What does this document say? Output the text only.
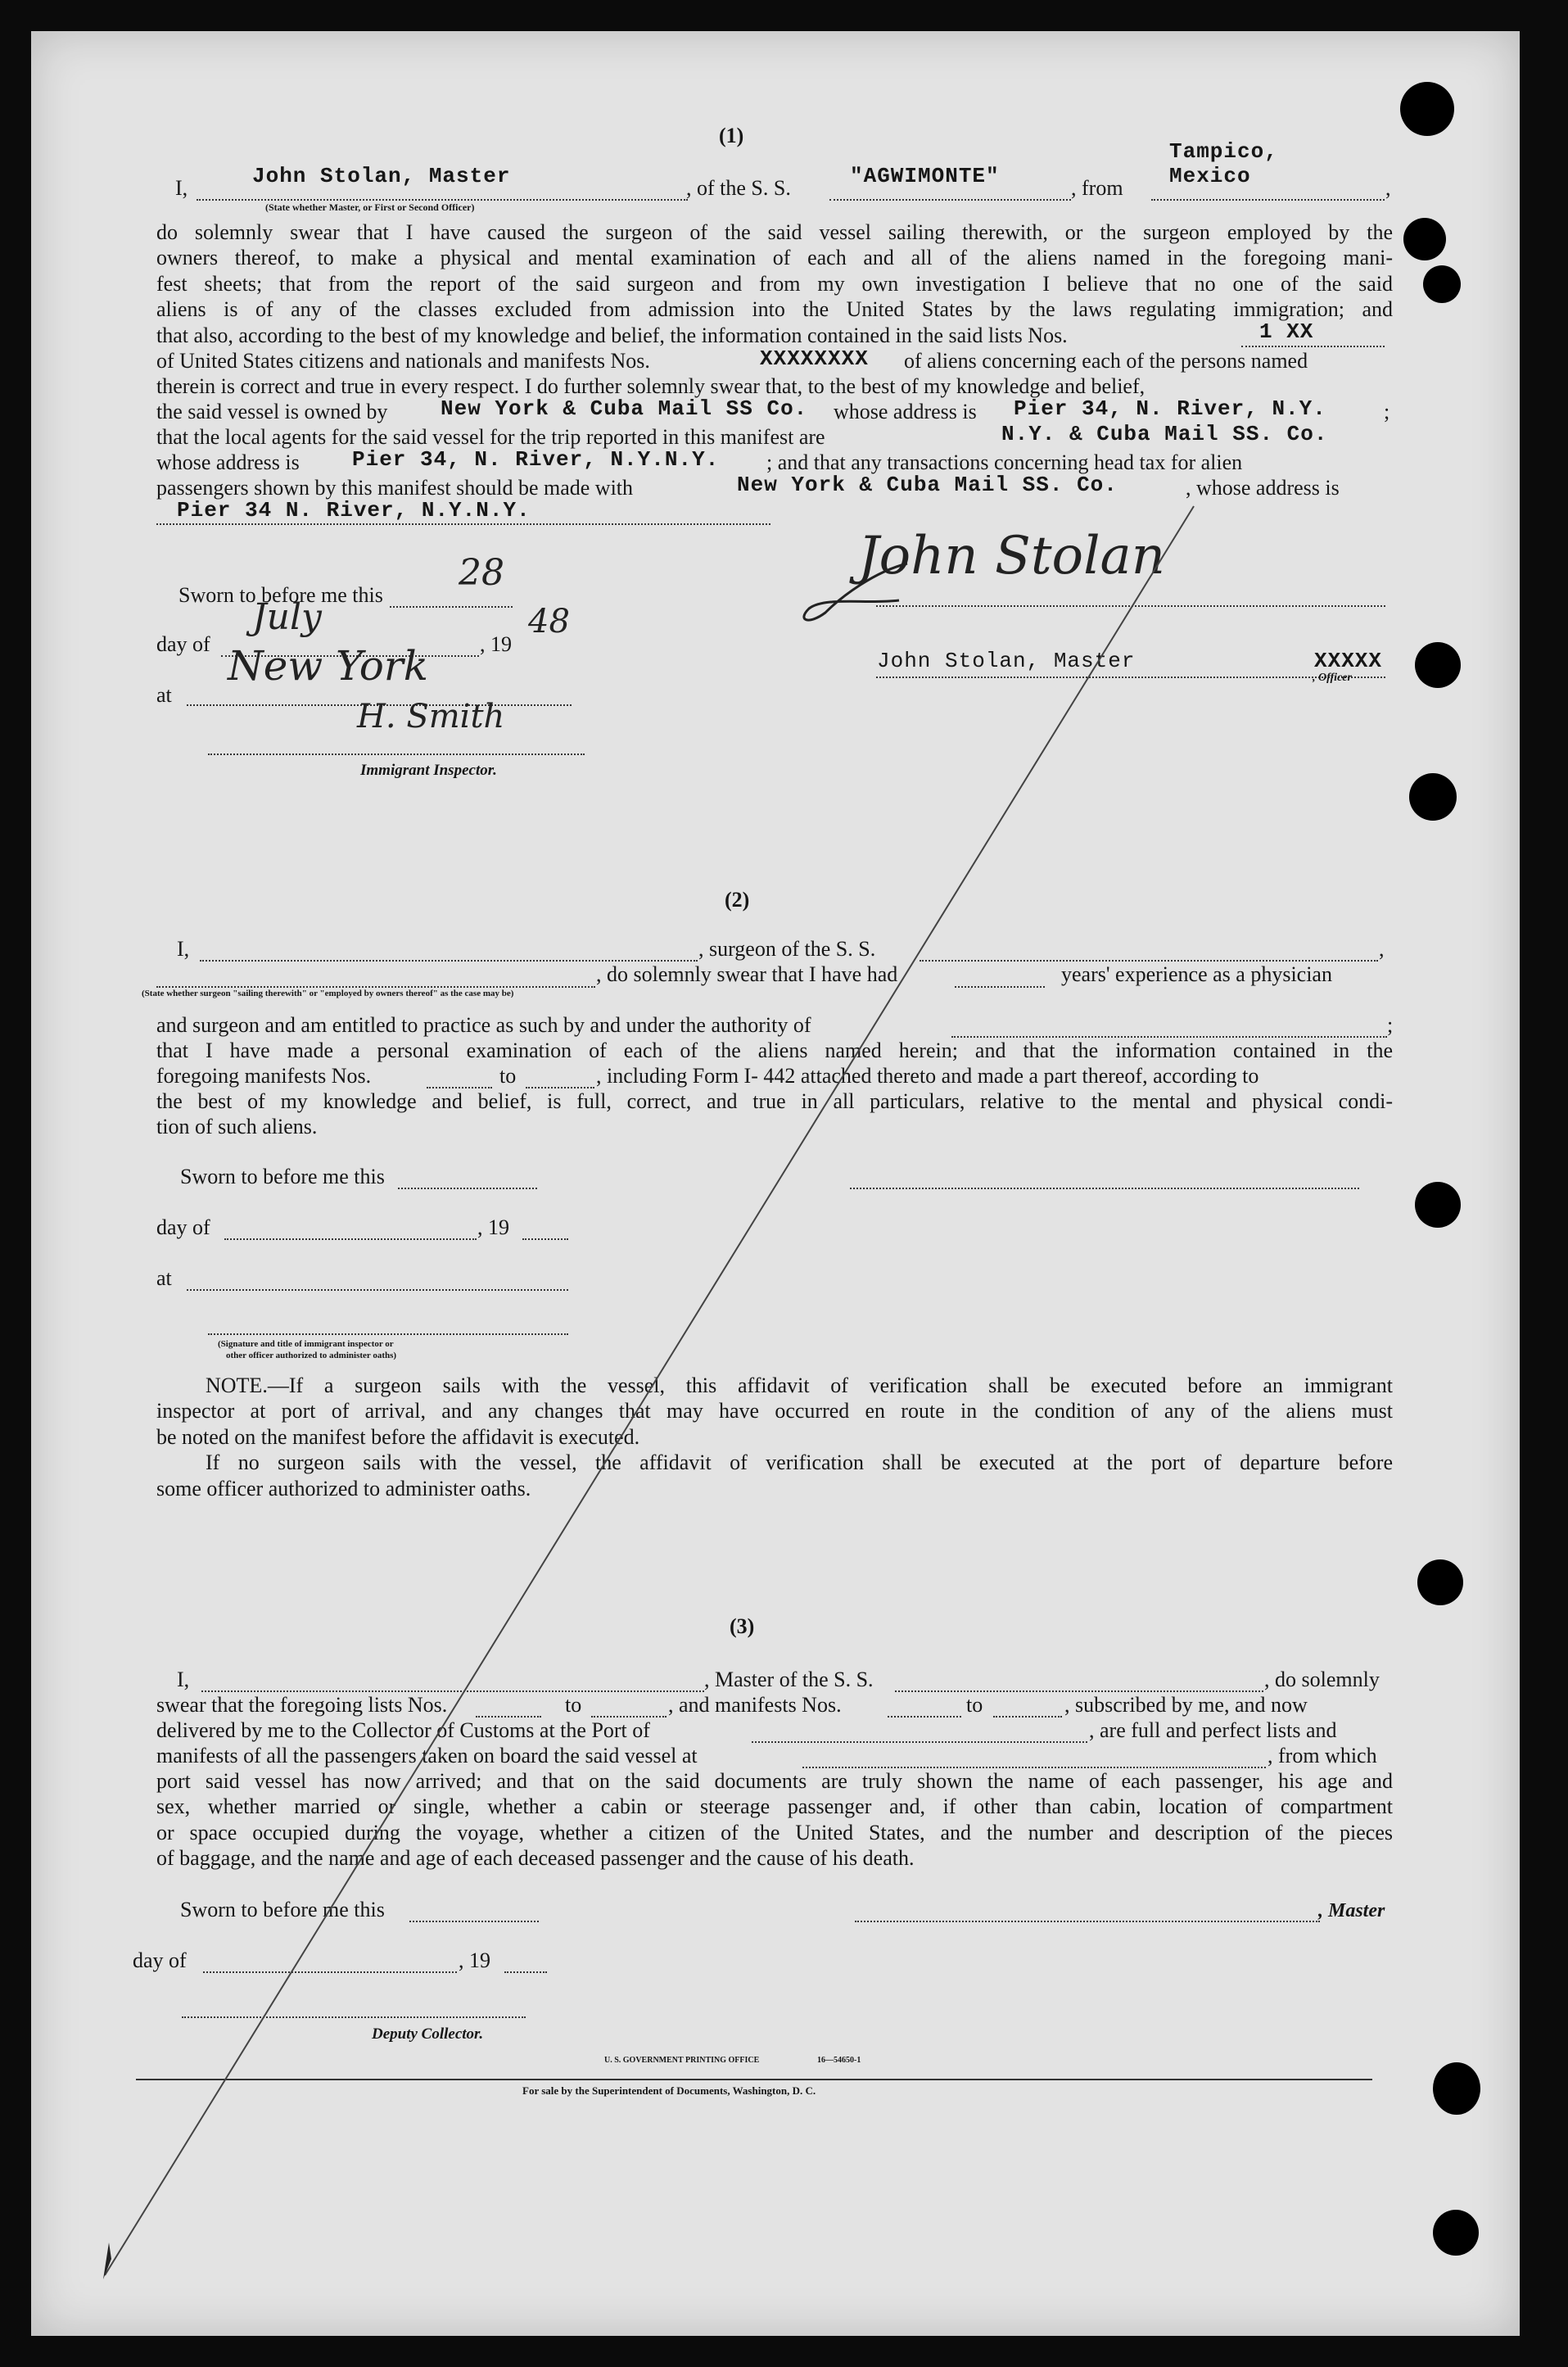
(1)
I,	John Stolan, Master
(State whether Master, or First or Second Officer)
, of the S. S.	"AGWIMONTE"	, from
Tampico,
Mexico	,
do solemnly swear that I have caused the surgeon of the said vessel sailing therewith, or the surgeon employed by the
owners thereof, to make a physical and mental examination of each and all of the aliens named in the foregoing mani-
fest sheets; that from the report of the said surgeon and from my own investigation I believe that no one of the said
aliens is of any of the classes excluded from admission into the United States by the laws regulating immigration; and
that also, according to the best of my knowledge and belief, the information contained in the said lists Nos.	1 XX
of United States citizens and nationals and manifests Nos.	XXXXXXXX of aliens concerning each of the persons named
therein is correct and true in every respect. I do further solemnly swear that, to the best of my knowledge and belief,
the said vessel is owned by New York & Cuba Mail SS Co. whose address is Pier 34, N. River, N.Y.	;
that the local agents for the said vessel for the trip reported in this manifest are	N.Y. & Cuba Mail SS. Co.
whose address is Pier 34, N. River, N.Y.N.Y. ; and that any transactions concerning head tax for alien
passengers shown by this manifest should be made with	New York & Cuba Mail SS. Co.	, whose address is
Pier 34 N. River, N.Y.N.Y.
Sworn to before me this
28
day of
July
, 19
48
at
New York
H. Smith
Immigrant Inspector.
John Stolan
John Stolan, Master	XXXXX
, Officer
(2)
I,	, surgeon of the S. S.	,
, do solemnly swear that I have had	years' experience as a physician
(State whether surgeon "sailing therewith" or "employed by owners thereof" as the case may be)
and surgeon and am entitled to practice as such by and under the authority of	;
that I have made a personal examination of each of the aliens named herein; and that the information contained in the
foregoing manifests Nos.	to	, including Form I- 442 attached thereto and made a part thereof, according to
the best of my knowledge and belief, is full, correct, and true in all particulars, relative to the mental and physical condi-
tion of such aliens.
Sworn to before me this
day of	, 19
at
(Signature and title of immigrant inspector or
other officer authorized to administer oaths)
NOTE.—If a surgeon sails with the vessel, this affidavit of verification shall be executed before an immigrant
inspector at port of arrival, and any changes that may have occurred en route in the condition of any of the aliens must
be noted on the manifest before the affidavit is executed.
If no surgeon sails with the vessel, the affidavit of verification shall be executed at the port of departure before
some officer authorized to administer oaths.
(3)
I,	, Master of the S. S.	, do solemnly
swear that the foregoing lists Nos.	to	, and manifests Nos.	to	, subscribed by me, and now
delivered by me to the Collector of Customs at the Port of	, are full and perfect lists and
manifests of all the passengers taken on board the said vessel at	, from which
port said vessel has now arrived; and that on the said documents are truly shown the name of each passenger, his age and
sex, whether married or single, whether a cabin or steerage passenger and, if other than cabin, location of compartment
or space occupied during the voyage, whether a citizen of the United States, and the number and description of the pieces
of baggage, and the name and age of each deceased passenger and the cause of his death.
Sworn to before me this	, Master
day of	, 19
Deputy Collector.
U. S. GOVERNMENT PRINTING OFFICE	16—54650-1
For sale by the Superintendent of Documents, Washington, D. C.
